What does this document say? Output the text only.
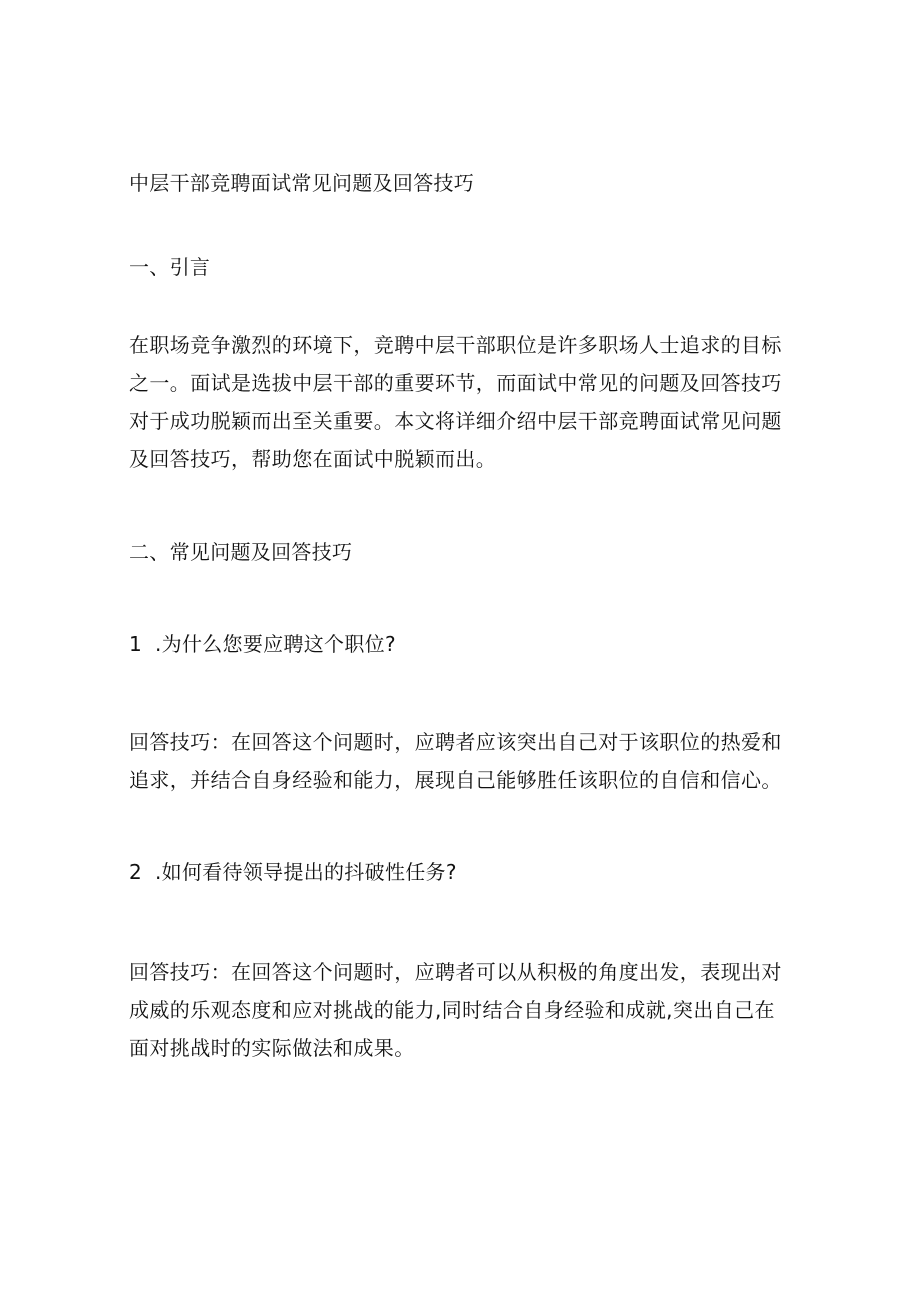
中层干部竞聘面试常见问题及回答技巧
一、引言
在职场竞争激烈的环境下，竞聘中层干部职位是许多职场人士追求的目标之一。面试是选拔中层干部的重要环节，而面试中常见的问题及回答技巧对于成功脱颖而出至关重要。本文将详细介绍中层干部竞聘面试常见问题及回答技巧，帮助您在面试中脱颖而出。
二、常见问题及回答技巧
1 .为什么您要应聘这个职位?
回答技巧：在回答这个问题时，应聘者应该突出自己对于该职位的热爱和追求，并结合自身经验和能力，展现自己能够胜任该职位的自信和信心。
2 .如何看待领导提出的抖破性任务?
回答技巧：在回答这个问题时，应聘者可以从积极的角度出发，表现出对成威的乐观态度和应对挑战的能力,同时结合自身经验和成就,突出自己在面对挑战时的实际做法和成果。
